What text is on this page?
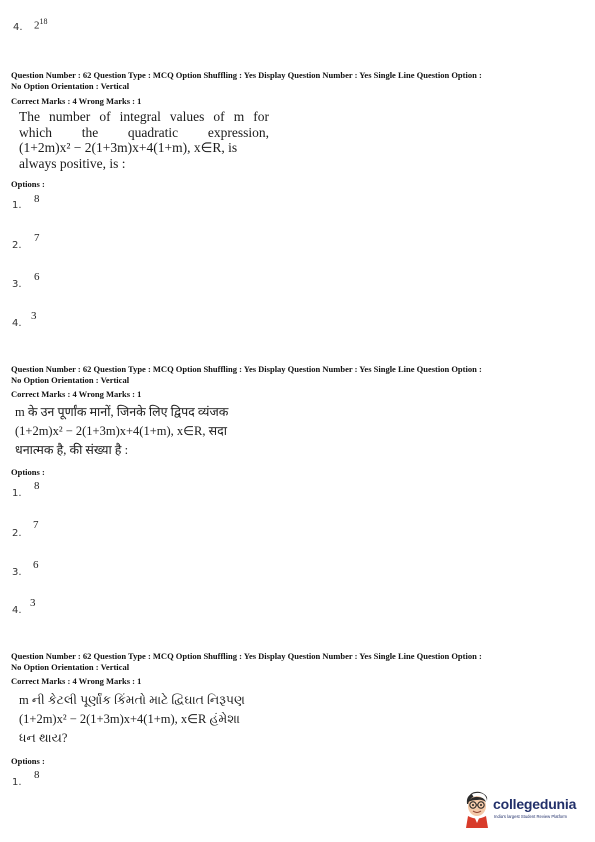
4. $2^{18}$
Question Number : 62 Question Type : MCQ Option Shuffling : Yes Display Question Number : Yes Single Line Question Option :
No Option Orientation : Vertical
Correct Marks : 4 Wrong Marks : 1
The number of integral values of m for
which the quadratic expression,
(1+2m)x² − 2(1+3m)x+4(1+m), x∈R, is
always positive, is :
Options :
1.
8
2.
7
3.
6
4.
3
Question Number : 62 Question Type : MCQ Option Shuffling : Yes Display Question Number : Yes Single Line Question Option :
No Option Orientation : Vertical
Correct Marks : 4 Wrong Marks : 1
m के उन पूर्णांक मानों, जिनके लिए द्विपद व्यंजक
(1+2m)x² − 2(1+3m)x+4(1+m), x∈R, सदा
धनात्मक है, की संख्या है :
Options :
1.
8
2.
7
3.
6
4.
3
Question Number : 62 Question Type : MCQ Option Shuffling : Yes Display Question Number : Yes Single Line Question Option :
No Option Orientation : Vertical
Correct Marks : 4 Wrong Marks : 1
m ની કેટલી પૂર્ણાંક કિંમતો માટે દ્વિઘાત નિરૂપણ
(1+2m)x² − 2(1+3m)x+4(1+m), x∈R હંમેશા
ધન થાય?
Options :
1.
8
collegedunia
India's largest Student Review Platform
